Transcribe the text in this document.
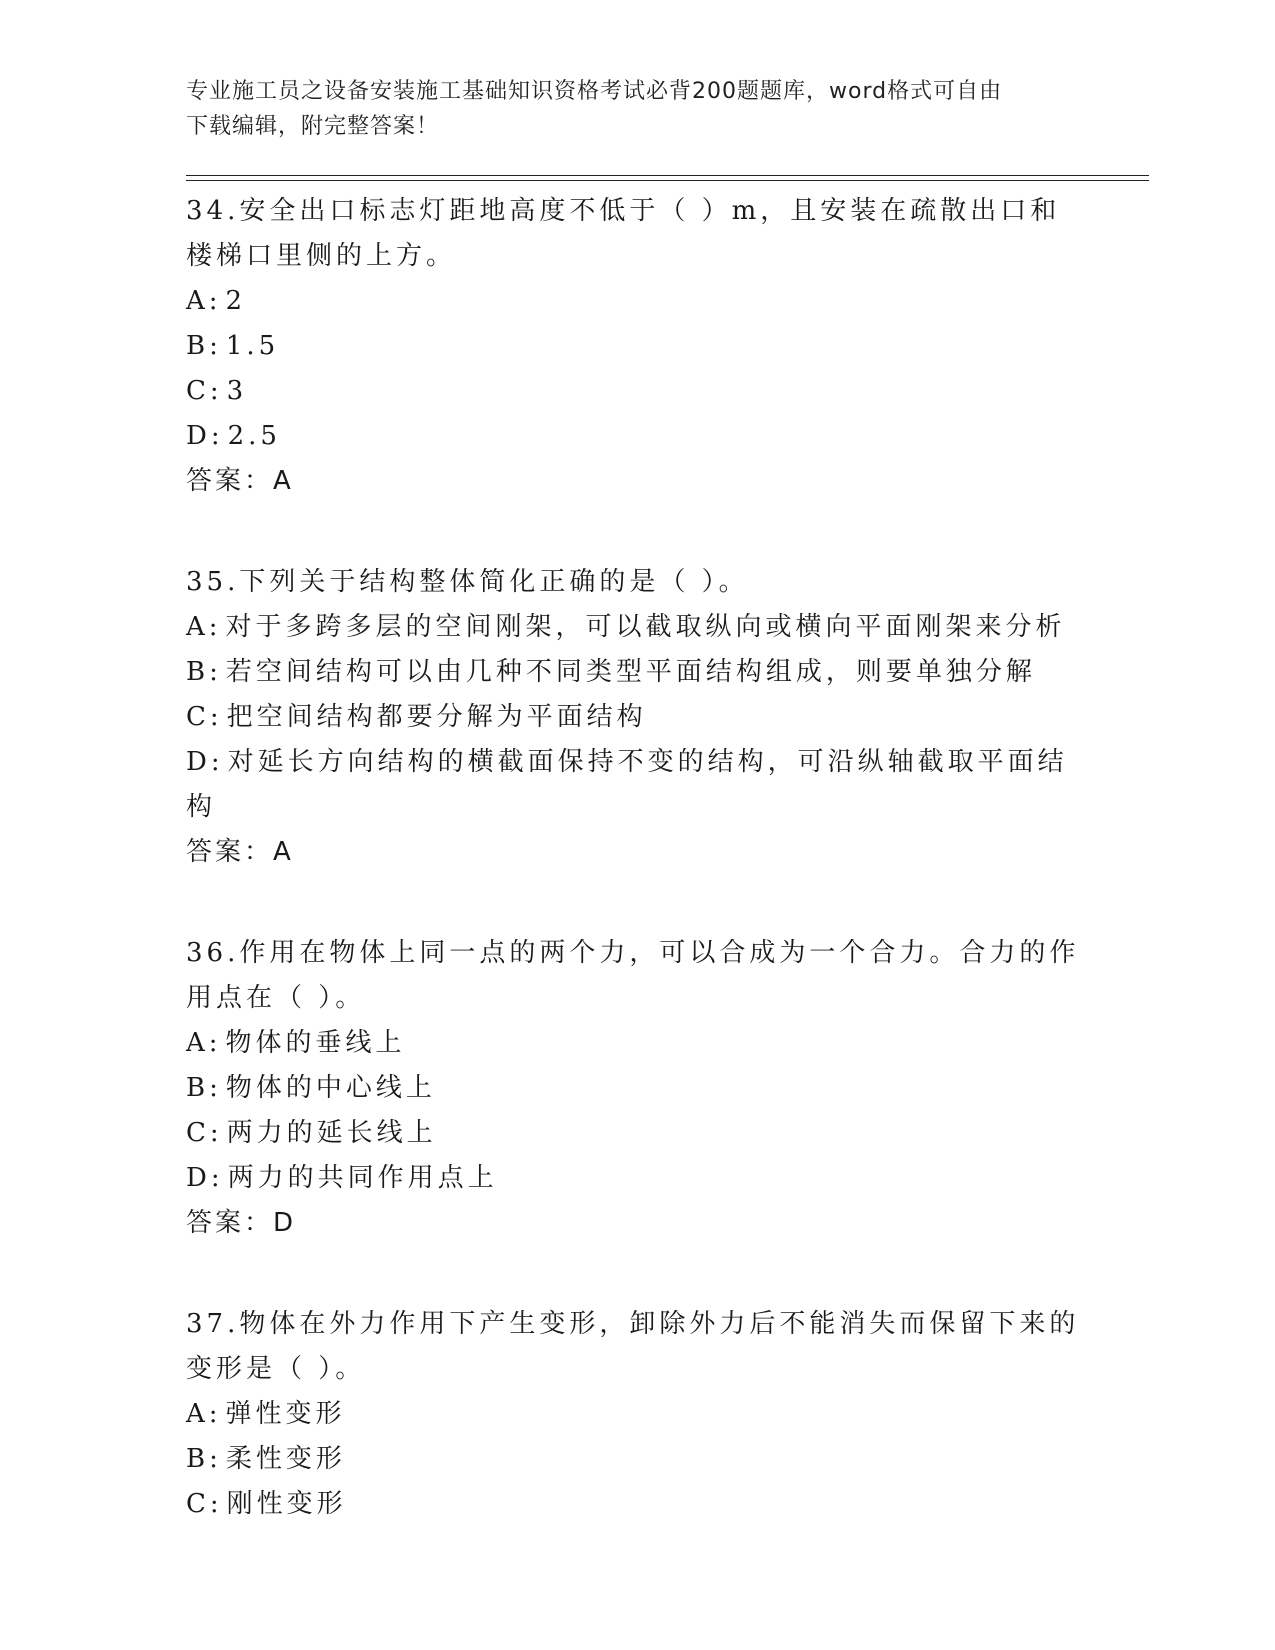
专业施工员之设备安装施工基础知识资格考试必背200题题库，word格式可自由
下载编辑，附完整答案！
34.安全出口标志灯距地高度不低于（ ）m，且安装在疏散出口和楼梯口里侧的上方。
A: 2
B: 1.5
C: 3
D: 2.5
答案：A
35.下列关于结构整体简化正确的是（ ）。
A: 对于多跨多层的空间刚架，可以截取纵向或横向平面刚架来分析
B: 若空间结构可以由几种不同类型平面结构组成，则要单独分解
C: 把空间结构都要分解为平面结构
D: 对延长方向结构的横截面保持不变的结构，可沿纵轴截取平面结构
答案：A
36.作用在物体上同一点的两个力，可以合成为一个合力。合力的作用点在（ ）。
A: 物体的垂线上
B: 物体的中心线上
C: 两力的延长线上
D: 两力的共同作用点上
答案：D
37.物体在外力作用下产生变形，卸除外力后不能消失而保留下来的变形是（ ）。
A: 弹性变形
B: 柔性变形
C: 刚性变形
